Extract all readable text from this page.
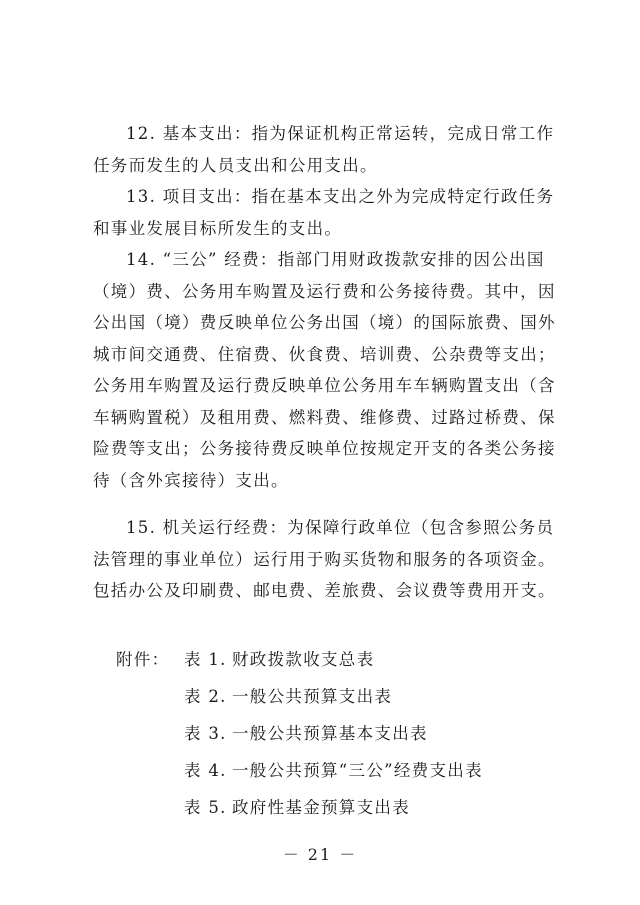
12. 基本支出：指为保证机构正常运转，完成日常工作
任务而发生的人员支出和公用支出。
13. 项目支出：指在基本支出之外为完成特定行政任务
和事业发展目标所发生的支出。
14. “三公” 经费：指部门用财政拨款安排的因公出国
（境）费、公务用车购置及运行费和公务接待费。其中，因
公出国（境）费反映单位公务出国（境）的国际旅费、国外
城市间交通费、住宿费、伙食费、培训费、公杂费等支出；
公务用车购置及运行费反映单位公务用车车辆购置支出（含
车辆购置税）及租用费、燃料费、维修费、过路过桥费、保
险费等支出；公务接待费反映单位按规定开支的各类公务接
待（含外宾接待）支出。
15. 机关运行经费：为保障行政单位（包含参照公务员
法管理的事业单位）运行用于购买货物和服务的各项资金。
包括办公及印刷费、邮电费、差旅费、会议费等费用开支。
附件： 表 1. 财政拨款收支总表
表 2. 一般公共预算支出表
表 3. 一般公共预算基本支出表
表 4. 一般公共预算“三公”经费支出表
表 5. 政府性基金预算支出表
－ 21 －
